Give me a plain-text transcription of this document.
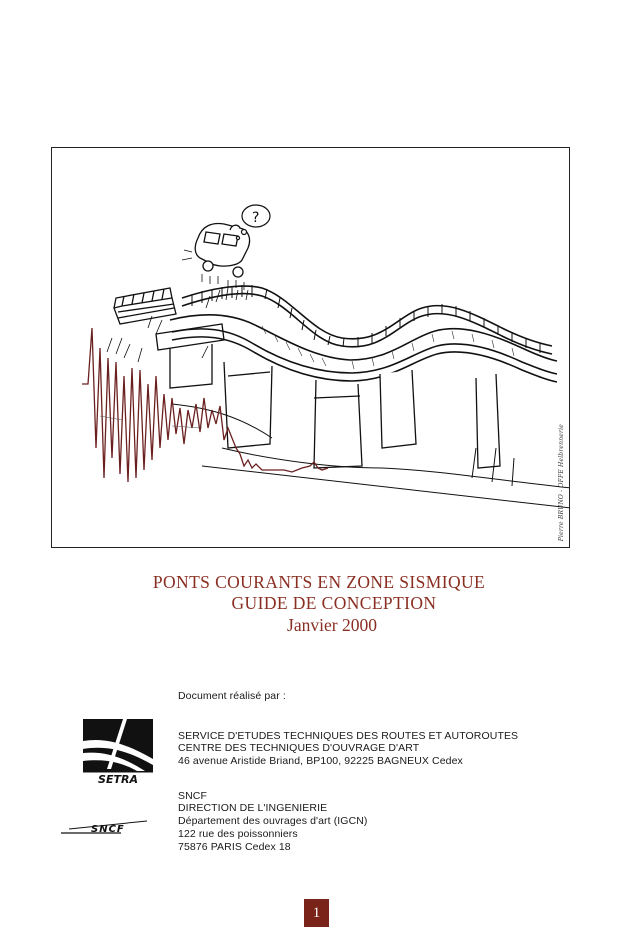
?
Pierre BRUNO - OFFE Helbrennerie

PONTS COURANTS EN ZONE SISMIQUE

GUIDE DE CONCEPTION

Janvier 2000

Document réalisé par :
SETRA
SERVICE D'ETUDES TECHNIQUES DES ROUTES ET AUTOROUTES
CENTRE DES TECHNIQUES D'OUVRAGE D'ART
46 avenue Aristide Briand, BP100, 92225 BAGNEUX Cedex
SNCF
SNCF
DIRECTION DE L'INGENIERIE
Département des ouvrages d'art (IGCN)
122 rue des poissonniers
75876 PARIS Cedex 18
1
